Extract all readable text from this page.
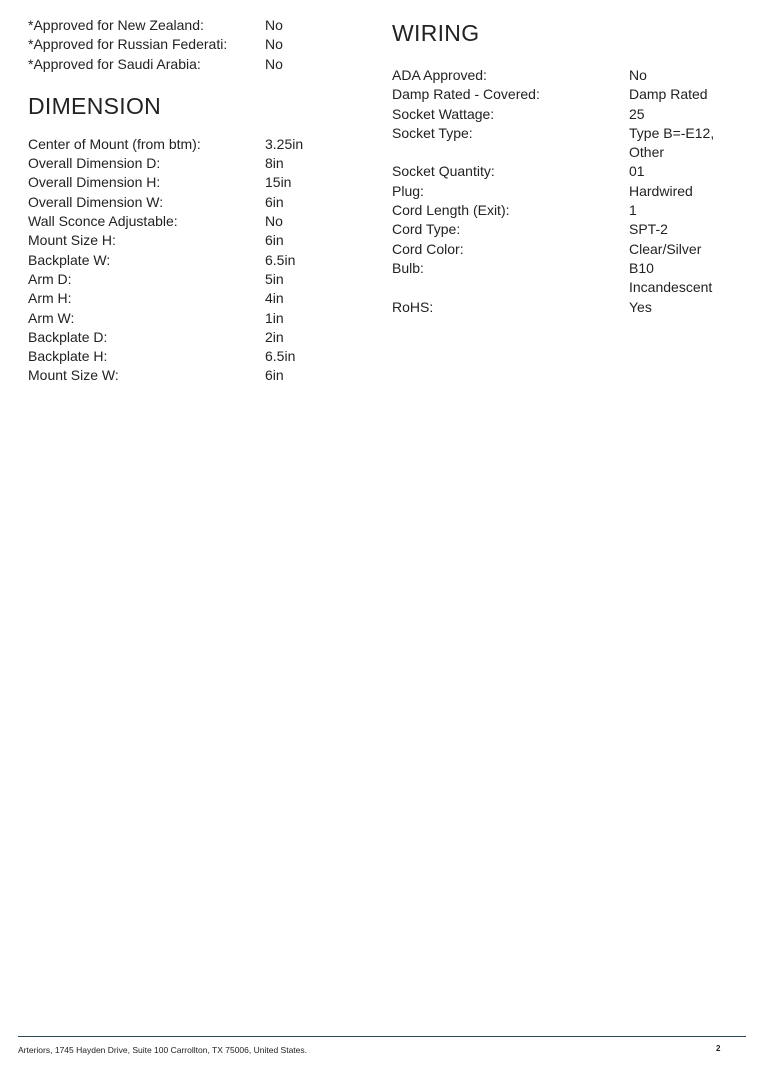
*Approved for New Zealand:	No
*Approved for Russian Federati:	No
*Approved for Saudi Arabia:	No
DIMENSION
Center of Mount (from btm):	3.25in
Overall Dimension D:	8in
Overall Dimension H:	15in
Overall Dimension W:	6in
Wall Sconce Adjustable:	No
Mount Size H:	6in
Backplate W:	6.5in
Arm D:	5in
Arm H:	4in
Arm W:	1in
Backplate D:	2in
Backplate H:	6.5in
Mount Size W:	6in
WIRING
ADA Approved:	No
Damp Rated - Covered:	Damp Rated
Socket Wattage:	25
Socket Type:	Type B=-E12,
Other
Socket Quantity:	01
Plug:	Hardwired
Cord Length (Exit):	1
Cord Type:	SPT-2
Cord Color:	Clear/Silver
Bulb:	B10
Incandescent
RoHS:	Yes
Arteriors, 1745 Hayden Drive, Suite 100 Carrollton, TX 75006, United States.	2
